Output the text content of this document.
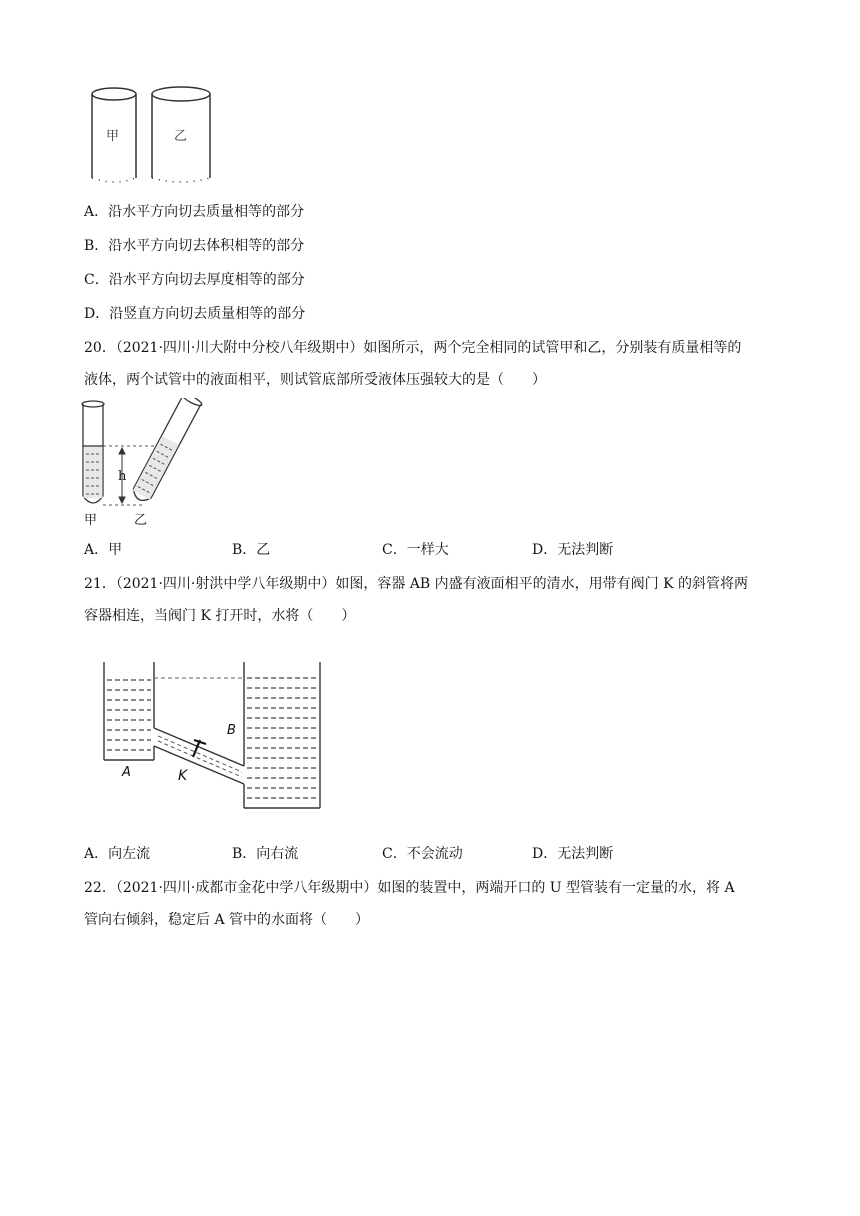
甲	乙
A．沿水平方向切去质量相等的部分
B．沿水平方向切去体积相等的部分
C．沿水平方向切去厚度相等的部分
D．沿竖直方向切去质量相等的部分
20．（2021·四川·川大附中分校八年级期中）如图所示，两个完全相同的试管甲和乙，分别装有质量相等的
液体，两个试管中的液面相平，则试管底部所受液体压强较大的是（　　）
h
甲	乙
A．甲	B．乙	C．一样大	D．无法判断
21．（2021·四川·射洪中学八年级期中）如图，容器 AB 内盛有液面相平的清水，用带有阀门 K 的斜管将两
容器相连，当阀门 K 打开时，水将（　　）
A
B
K
A．向左流	B．向右流	C．不会流动	D．无法判断
22．（2021·四川·成都市金花中学八年级期中）如图的装置中，两端开口的 U 型管装有一定量的水，将 A
管向右倾斜，稳定后 A 管中的水面将（　　）
